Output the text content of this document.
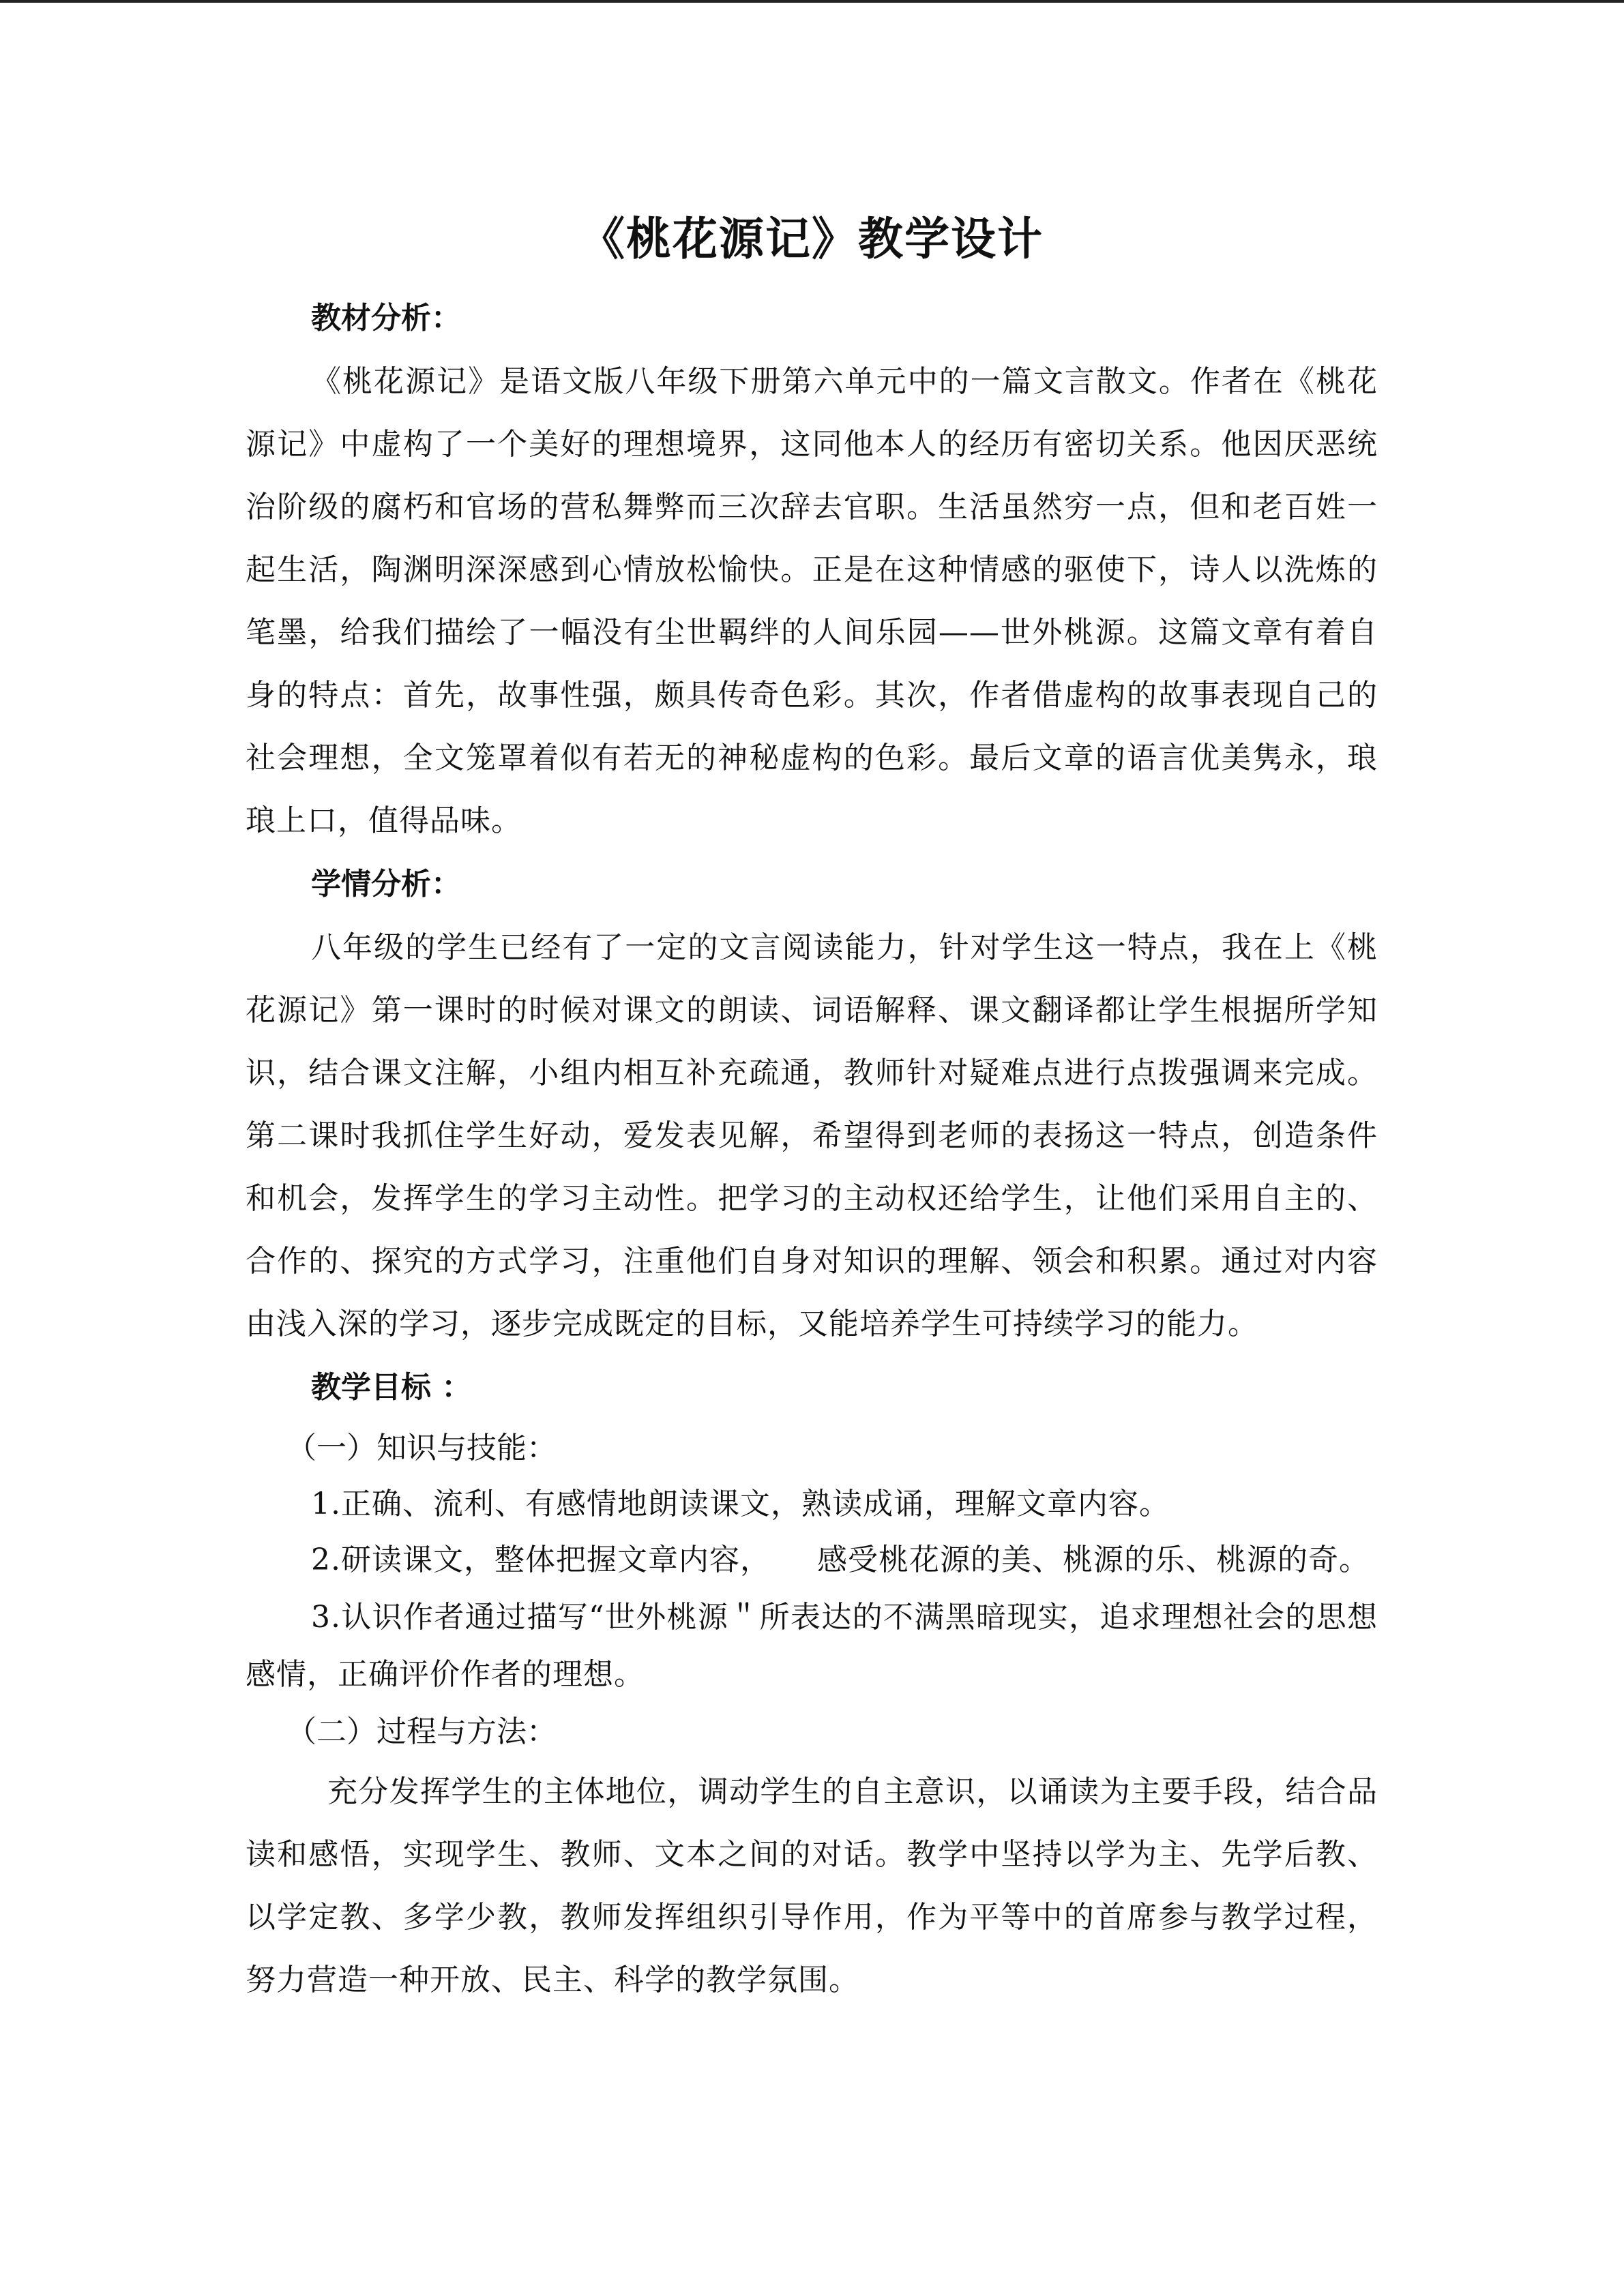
《桃花源记》教学设计

教材分析：

《桃花源记》是语文版八年级下册第六单元中的一篇文言散文。作者在《桃花源记》中虚构了一个美好的理想境界，这同他本人的经历有密切关系。他因厌恶统治阶级的腐朽和官场的营私舞弊而三次辞去官职。生活虽然穷一点，但和老百姓一起生活，陶渊明深深感到心情放松愉快。正是在这种情感的驱使下，诗人以洗炼的笔墨，给我们描绘了一幅没有尘世羁绊的人间乐园——世外桃源。这篇文章有着自身的特点：首先，故事性强，颇具传奇色彩。其次，作者借虚构的故事表现自己的社会理想，全文笼罩着似有若无的神秘虚构的色彩。最后文章的语言优美隽永，琅琅上口，值得品味。

学情分析：

八年级的学生已经有了一定的文言阅读能力，针对学生这一特点，我在上《桃花源记》第一课时的时候对课文的朗读、词语解释、课文翻译都让学生根据所学知识，结合课文注解，小组内相互补充疏通，教师针对疑难点进行点拨强调来完成。第二课时我抓住学生好动，爱发表见解，希望得到老师的表扬这一特点，创造条件和机会，发挥学生的学习主动性。把学习的主动权还给学生，让他们采用自主的、合作的、探究的方式学习，注重他们自身对知识的理解、领会和积累。通过对内容由浅入深的学习，逐步完成既定的目标，又能培养学生可持续学习的能力。

教学目标 ：

（一）知识与技能：

1.正确、流利、有感情地朗读课文，熟读成诵，理解文章内容。

2.研读课文，整体把握文章内容，　　感受桃花源的美、桃源的乐、桃源的奇。

3.认识作者通过描写“世外桃源＂所表达的不满黑暗现实，追求理想社会的思想感情，正确评价作者的理想。

（二）过程与方法：

充分发挥学生的主体地位，调动学生的自主意识，以诵读为主要手段，结合品读和感悟，实现学生、教师、文本之间的对话。教学中坚持以学为主、先学后教、以学定教、多学少教，教师发挥组织引导作用，作为平等中的首席参与教学过程，努力营造一种开放、民主、科学的教学氛围。
